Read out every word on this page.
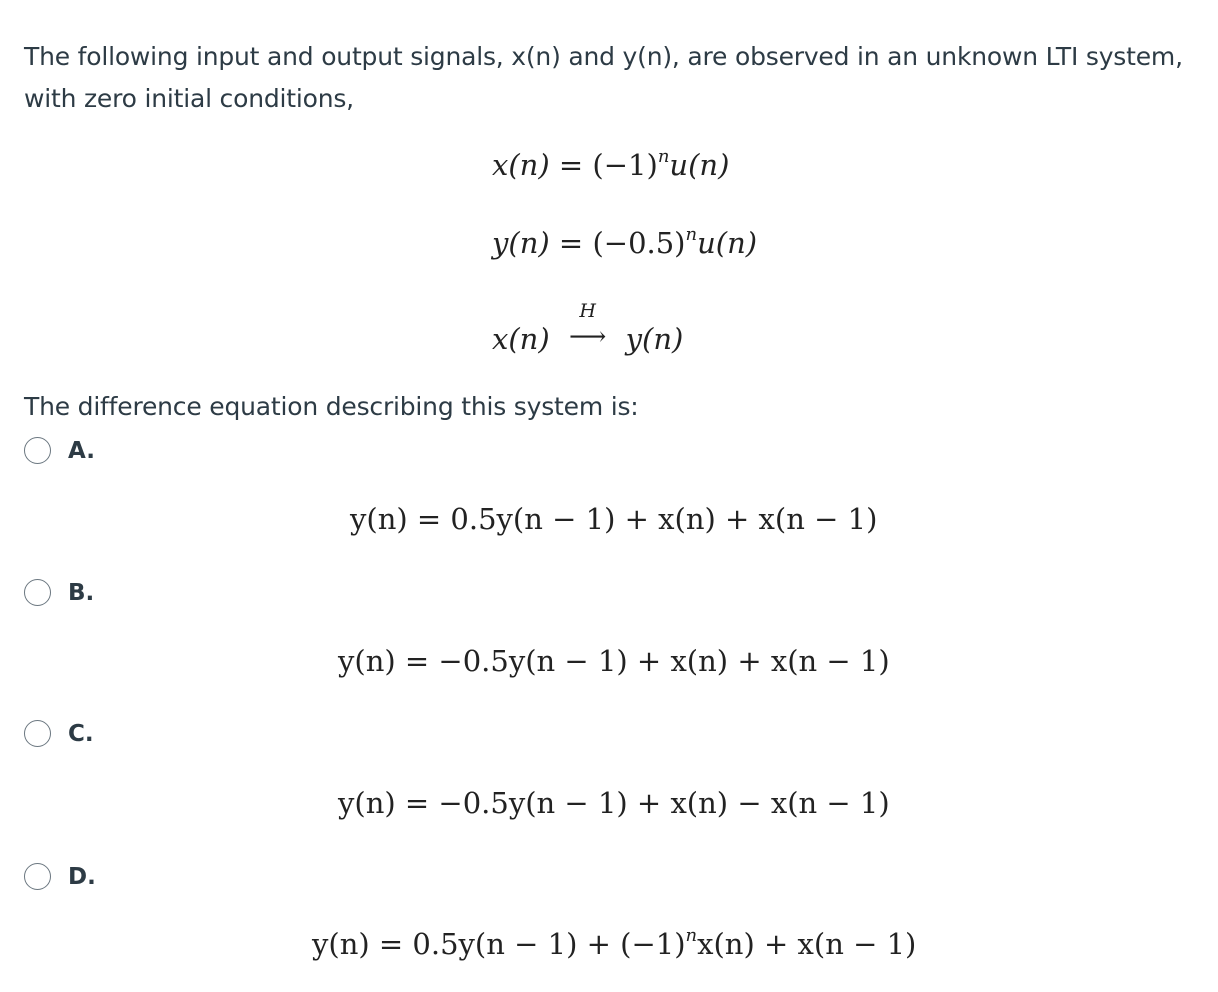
The following input and output signals, x(n) and y(n), are observed in an unknown LTI system, with zero initial conditions,

$x(n) = (-1)^nu(n)$
$y(n) = (-0.5)^nu(n)$
x(n)
H
⟶ y(n)
The difference equation describing this system is:
A.
y(n) = 0.5y(n − 1) + x(n) + x(n − 1)
B.
y(n) = −0.5y(n − 1) + x(n) + x(n − 1)
C.
y(n) = −0.5y(n − 1) + x(n) − x(n − 1)
D.
$y(n) = 0.5y(n - 1) + (-1)^nx(n) + x(n - 1)$
